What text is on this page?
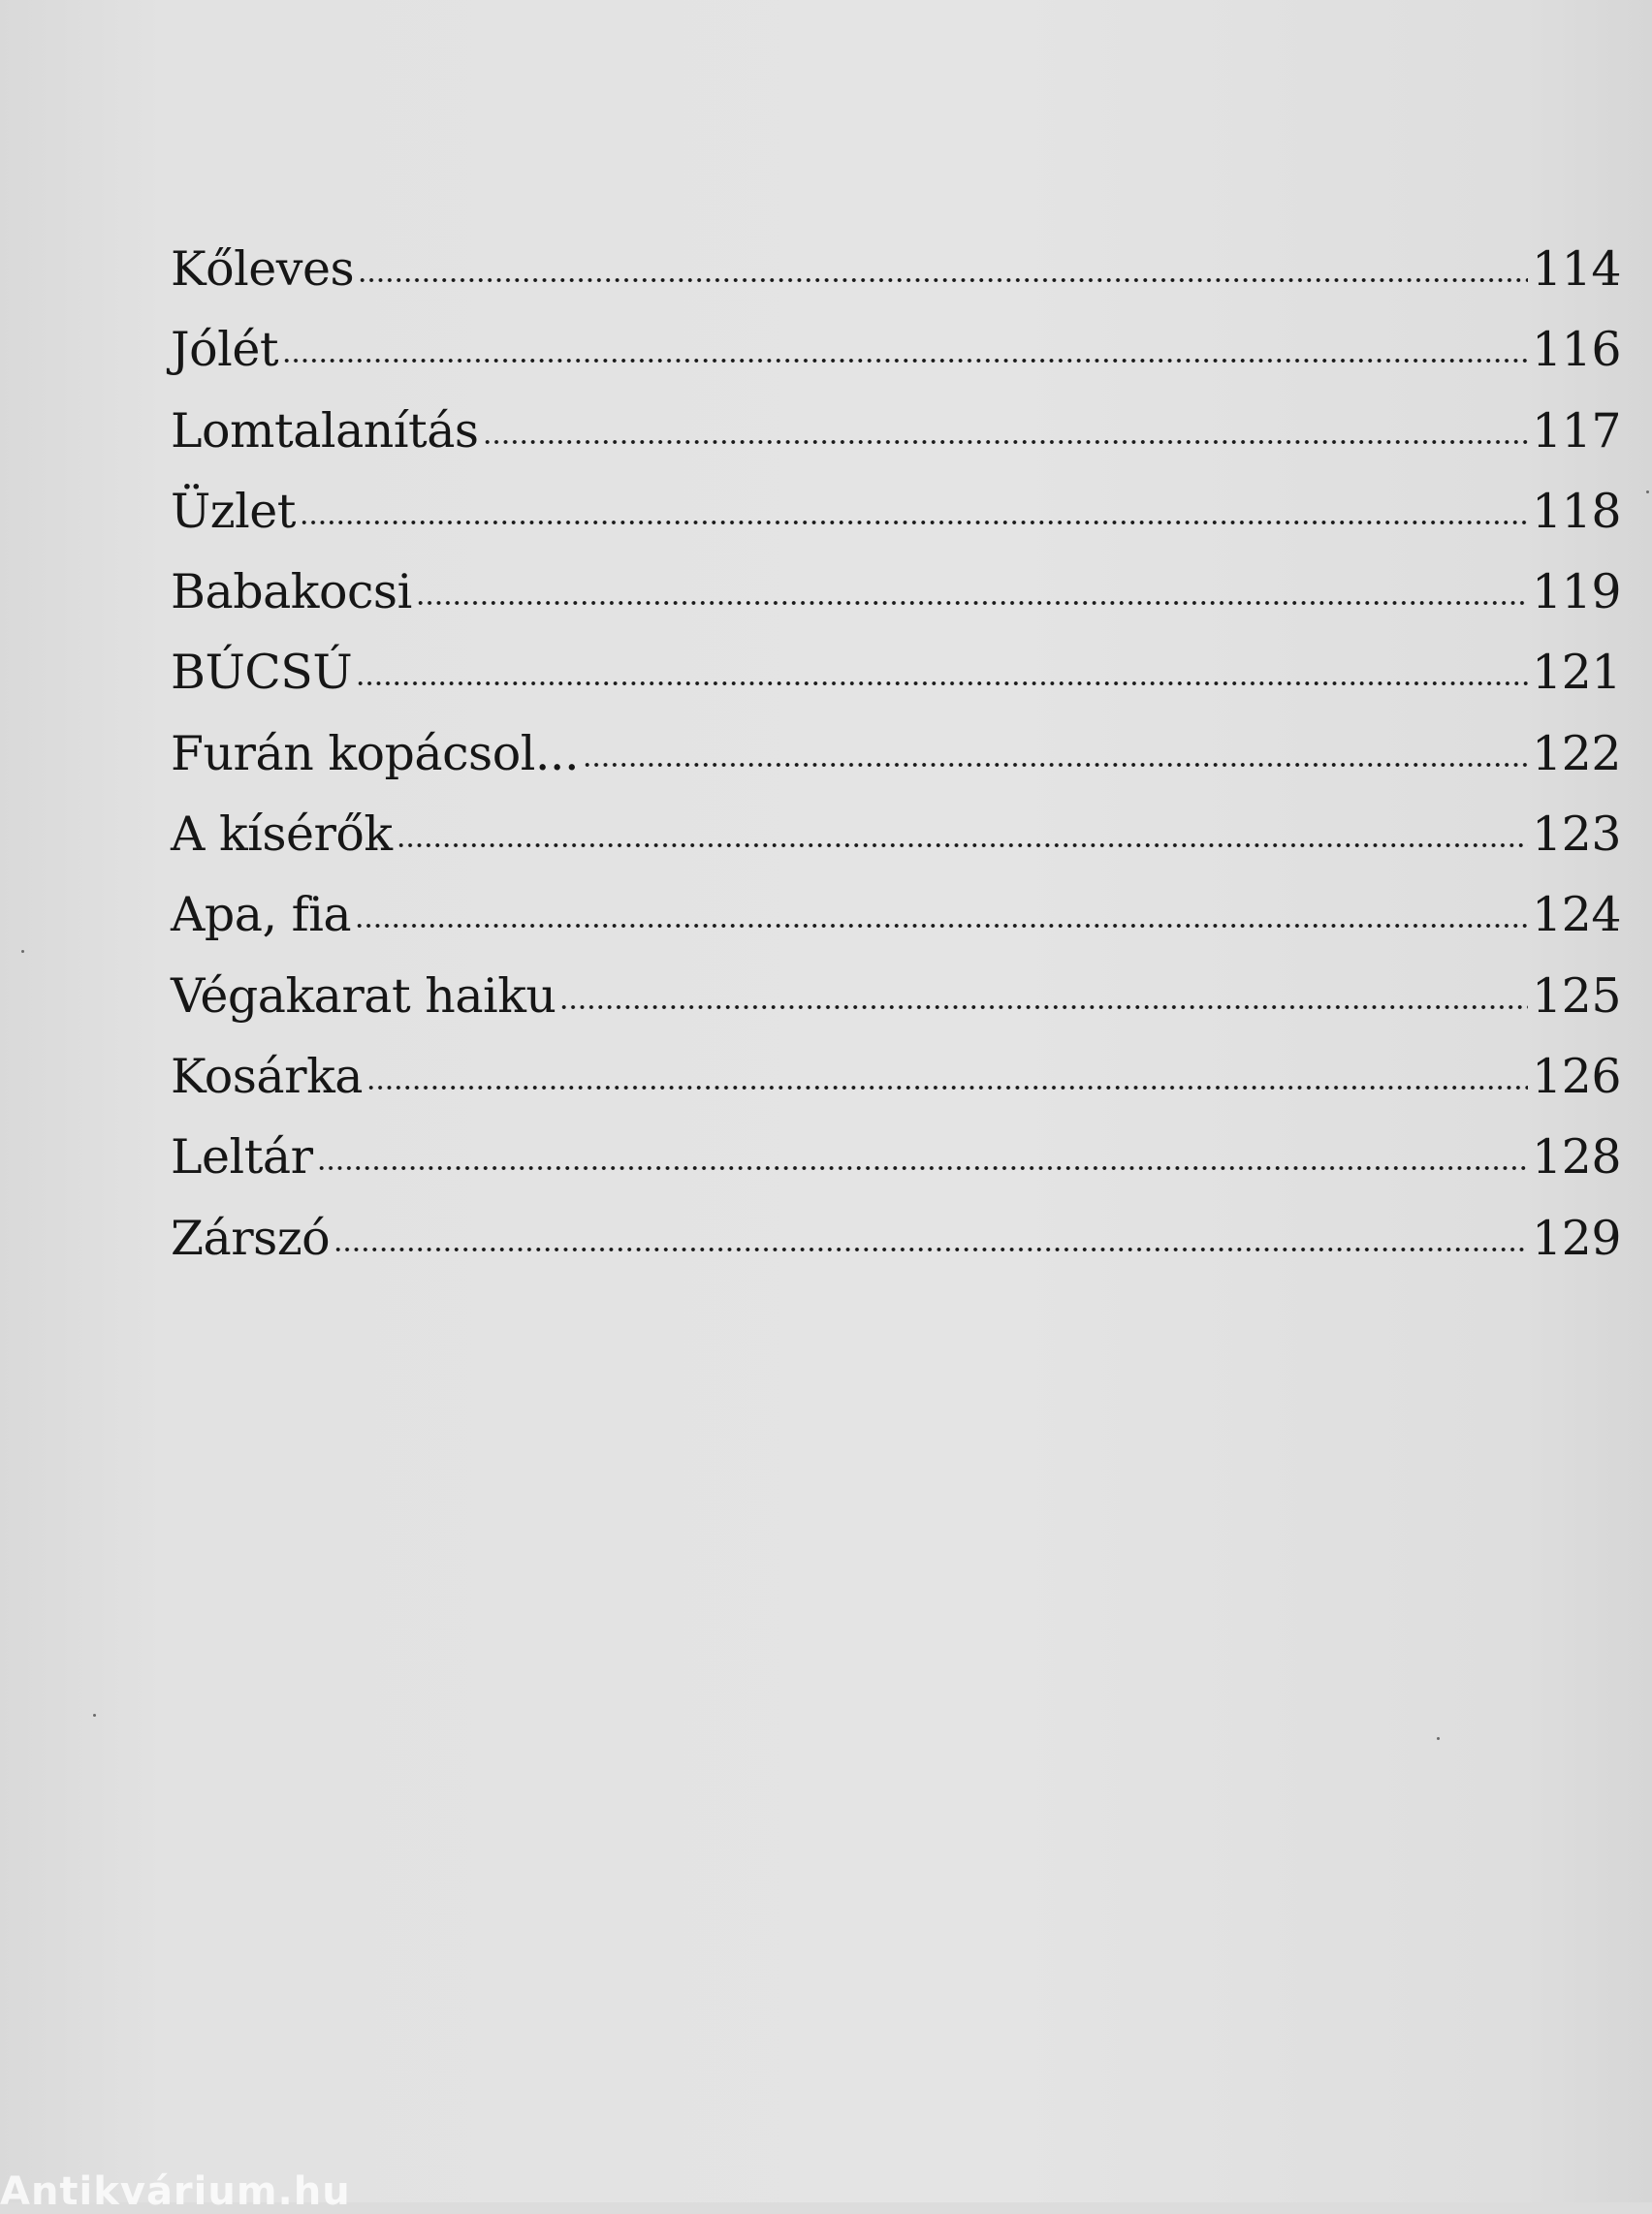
Kőleves	114
Jólét	116
Lomtalanítás	117
Üzlet	118
Babakocsi	119
BÚCSÚ	121
Furán kopácsol...	122
A kísérők	123
Apa, fia	124
Végakarat haiku	125
Kosárka	126
Leltár	128
Zárszó	129
Antikvárium.hu
